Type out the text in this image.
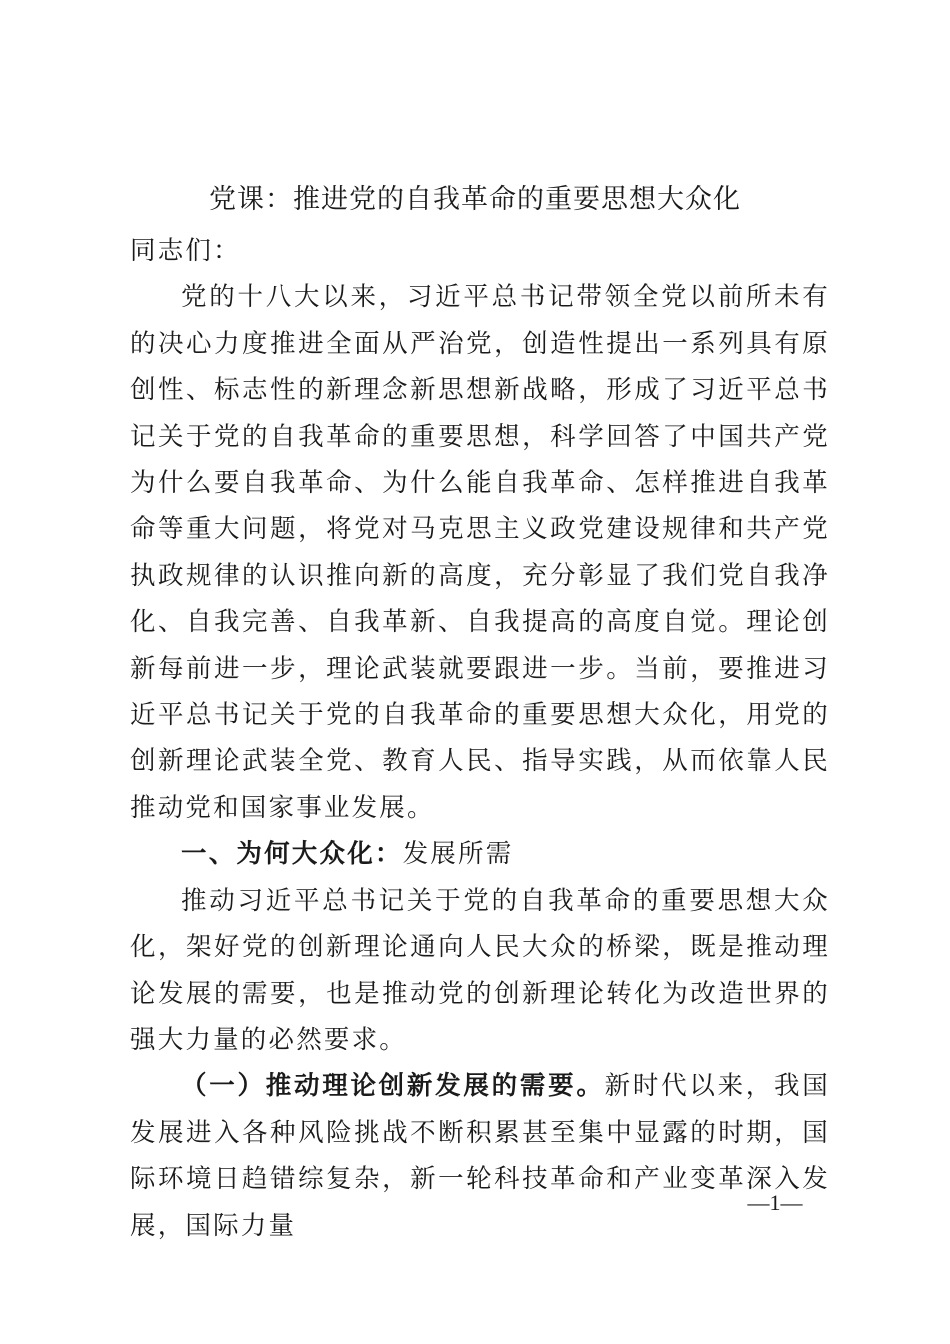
党课：推进党的自我革命的重要思想大众化

同志们：

党的十八大以来，习近平总书记带领全党以前所未有的决心力度推进全面从严治党，创造性提出一系列具有原创性、标志性的新理念新思想新战略，形成了习近平总书记关于党的自我革命的重要思想，科学回答了中国共产党为什么要自我革命、为什么能自我革命、怎样推进自我革命等重大问题，将党对马克思主义政党建设规律和共产党执政规律的认识推向新的高度，充分彰显了我们党自我净化、自我完善、自我革新、自我提高的高度自觉。理论创新每前进一步，理论武装就要跟进一步。当前，要推进习近平总书记关于党的自我革命的重要思想大众化，用党的创新理论武装全党、教育人民、指导实践，从而依靠人民推动党和国家事业发展。

一、为何大众化：发展所需

推动习近平总书记关于党的自我革命的重要思想大众化，架好党的创新理论通向人民大众的桥梁，既是推动理论发展的需要，也是推动党的创新理论转化为改造世界的强大力量的必然要求。

（一）推动理论创新发展的需要。新时代以来，我国发展进入各种风险挑战不断积累甚至集中显露的时期，国际环境日趋错综复杂，新一轮科技革命和产业变革深入发展，国际力量

—1—
